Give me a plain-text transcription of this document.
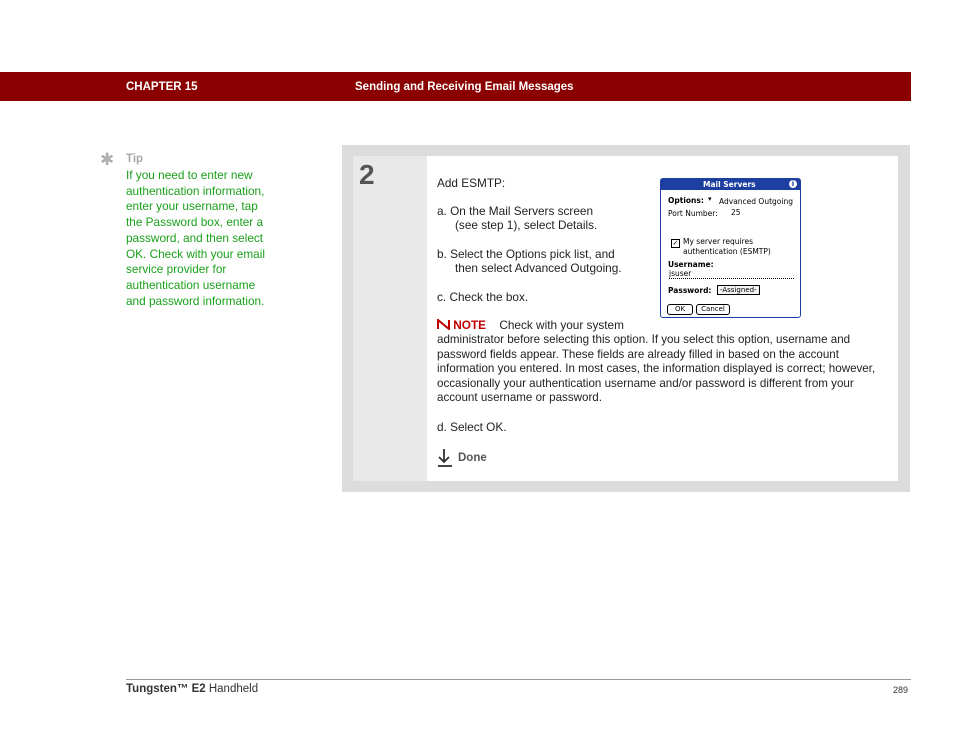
CHAPTER 15	Sending and Receiving Email Messages
✱ Tip
If you need to enter new authentication information, enter your username, tap the Password box, enter a password, and then select OK. Check with your email service provider for authentication username and password information.
2	Add ESMTP:
a. On the Mail Servers screen
(see step 1), select Details.
b. Select the Options pick list, and
then select Advanced Outgoing.
c. Check the box.
NOTE Check with your system
administrator before selecting this option. If you select this option, username and password fields appear. These fields are already filled in based on the account information you entered. In most cases, the information displayed is correct; however, occasionally your authentication username and/or password is different from your account username or password.
d. Select OK.
Done
Mail Servers	i
Options: ▾ Advanced Outgoing
Port Number: 25
✓ My server requires
authentication (ESMTP)
Username:
jsuser
Password:	-Assigned-
OK	Cancel
Tungsten™ E2 Handheld	289
